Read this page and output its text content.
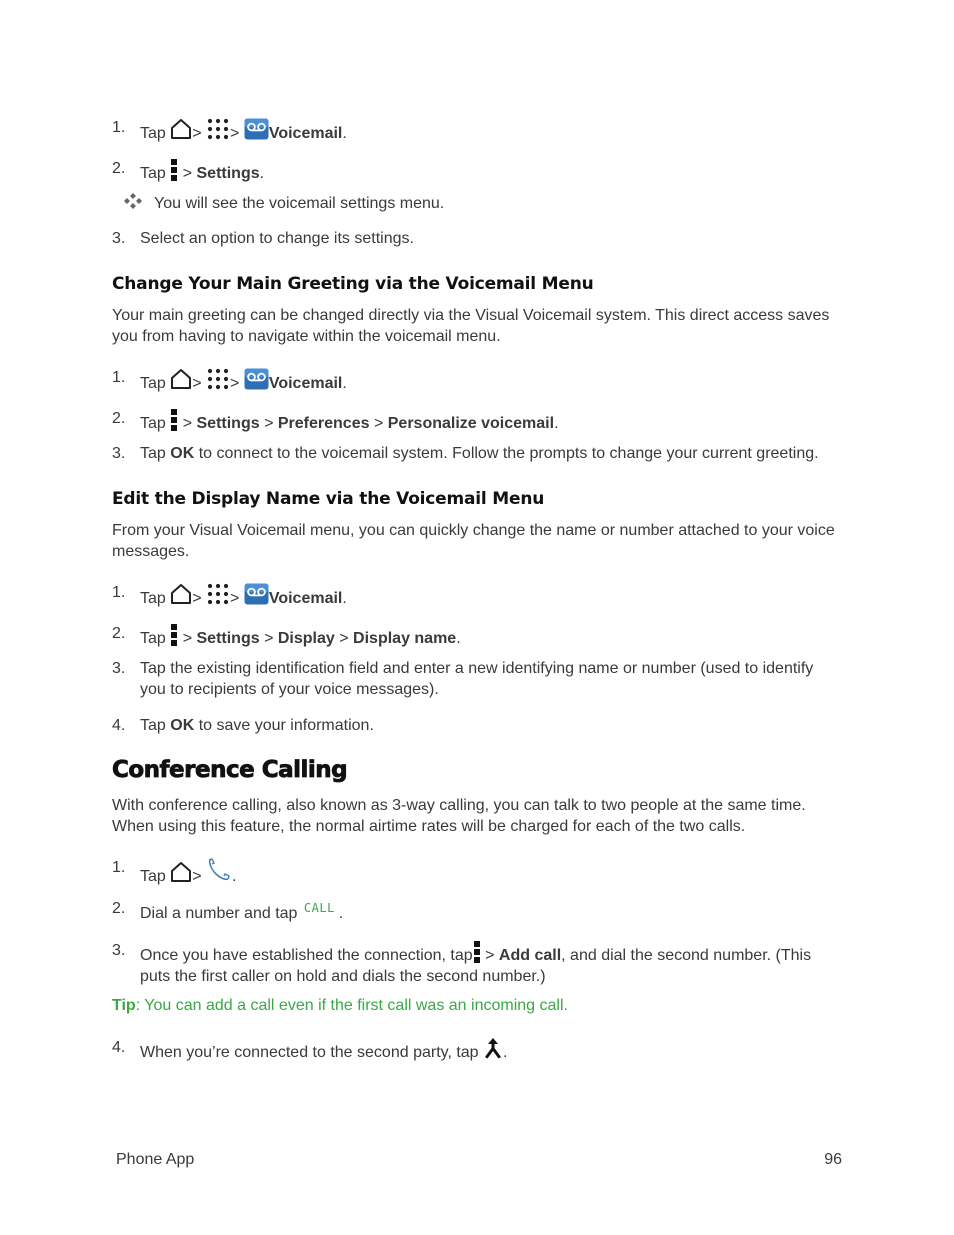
1. Tap > > Voicemail.
2. Tap > Settings.
You will see the voicemail settings menu.
3. Select an option to change its settings.
Change Your Main Greeting via the Voicemail Menu
Your main greeting can be changed directly via the Visual Voicemail system. This direct access saves you from having to navigate within the voicemail menu.
1. Tap > > Voicemail.
2. Tap > Settings > Preferences > Personalize voicemail.
3. Tap OK to connect to the voicemail system. Follow the prompts to change your current greeting.
Edit the Display Name via the Voicemail Menu
From your Visual Voicemail menu, you can quickly change the name or number attached to your voice messages.
1. Tap > > Voicemail.
2. Tap > Settings > Display > Display name.
3. Tap the existing identification field and enter a new identifying name or number (used to identify you to recipients of your voice messages).
4. Tap OK to save your information.
Conference Calling
With conference calling, also known as 3-way calling, you can talk to two people at the same time. When using this feature, the normal airtime rates will be charged for each of the two calls.
1.
Tap > .
2. Dial a number and tap CALL .
3. Once you have established the connection, tap > Add call, and dial the second number. (This puts the first caller on hold and dials the second number.)
Tip: You can add a call even if the first call was an incoming call.
4. When you’re connected to the second party, tap .
Phone App	96
